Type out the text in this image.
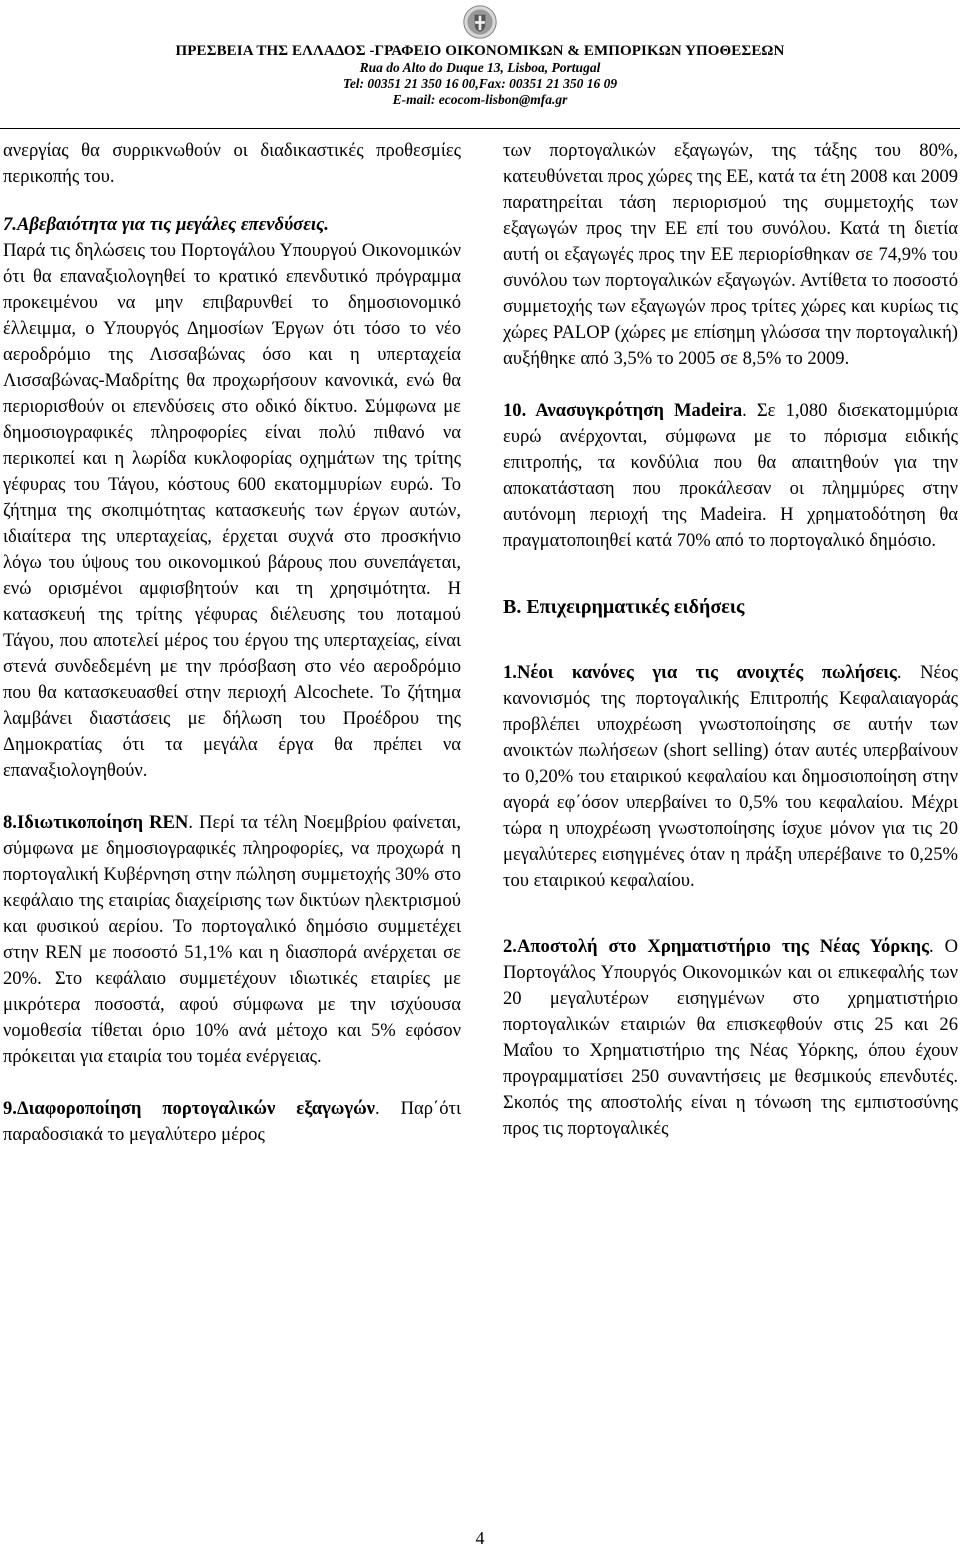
ΠΡΕΣΒΕΙΑ ΤΗΣ ΕΛΛΑΔΟΣ -ΓΡΑΦΕΙΟ ΟΙΚΟΝΟΜΙΚΩΝ & ΕΜΠΟΡΙΚΩΝ ΥΠΟΘΕΣΕΩΝ
Rua do Alto do Duque 13, Lisboa, Portugal
Tel: 00351 21 350 16 00,Fax: 00351 21 350 16 09
E-mail: ecocom-lisbon@mfa.gr

ανεργίας θα συρρικνωθούν οι διαδικαστικές προθεσμίες περικοπής του.

7.Αβεβαιότητα για τις μεγάλες επενδύσεις.

Παρά τις δηλώσεις του Πορτογάλου Υπουργού Οικονομικών ότι θα επαναξιολογηθεί το κρατικό επενδυτικό πρόγραμμα προκειμένου να μην επιβαρυνθεί το δημοσιονομικό έλλειμμα, ο Υπουργός Δημοσίων Έργων ότι τόσο το νέο αεροδρόμιο της Λισσαβώνας όσο και η υπερταχεία Λισσαβώνας-Μαδρίτης θα προχωρήσουν κανονικά, ενώ θα περιορισθούν οι επενδύσεις στο οδικό δίκτυο. Σύμφωνα με δημοσιογραφικές πληροφορίες είναι πολύ πιθανό να περικοπεί και η λωρίδα κυκλοφορίας οχημάτων της τρίτης γέφυρας του Τάγου, κόστους 600 εκατομμυρίων ευρώ. Το ζήτημα της σκοπιμότητας κατασκευής των έργων αυτών, ιδιαίτερα της υπερταχείας, έρχεται συχνά στο προσκήνιο λόγω του ύψους του οικονομικού βάρους που συνεπάγεται, ενώ ορισμένοι αμφισβητούν και τη χρησιμότητα. Η κατασκευή της τρίτης γέφυρας διέλευσης του ποταμού Τάγου, που αποτελεί μέρος του έργου της υπερταχείας, είναι στενά συνδεδεμένη με την πρόσβαση στο νέο αεροδρόμιο που θα κατασκευασθεί στην περιοχή Alcochete. Το ζήτημα λαμβάνει διαστάσεις με δήλωση του Προέδρου της Δημοκρατίας ότι τα μεγάλα έργα θα πρέπει να επαναξιολογηθούν.

8.Ιδιωτικοποίηση REN. Περί τα τέλη Νοεμβρίου φαίνεται, σύμφωνα με δημοσιογραφικές πληροφορίες, να προχωρά η πορτογαλική Κυβέρνηση στην πώληση συμμετοχής 30% στο κεφάλαιο της εταιρίας διαχείρισης των δικτύων ηλεκτρισμού και φυσικού αερίου. Το πορτογαλικό δημόσιο συμμετέχει στην REN με ποσοστό 51,1% και η διασπορά ανέρχεται σε 20%. Στο κεφάλαιο συμμετέχουν ιδιωτικές εταιρίες με μικρότερα ποσοστά, αφού σύμφωνα με την ισχύουσα νομοθεσία τίθεται όριο 10% ανά μέτοχο και 5% εφόσον πρόκειται για εταιρία του τομέα ενέργειας.

9.Διαφοροποίηση πορτογαλικών εξαγωγών. Παρ΄ότι παραδοσιακά το μεγαλύτερο μέρος

των πορτογαλικών εξαγωγών, της τάξης του 80%, κατευθύνεται προς χώρες της ΕΕ, κατά τα έτη 2008 και 2009 παρατηρείται τάση περιορισμού της συμμετοχής των εξαγωγών προς την ΕΕ επί του συνόλου. Κατά τη διετία αυτή οι εξαγωγές προς την ΕΕ περιορίσθηκαν σε 74,9% του συνόλου των πορτογαλικών εξαγωγών. Αντίθετα το ποσοστό συμμετοχής των εξαγωγών προς τρίτες χώρες και κυρίως τις χώρες PALOP (χώρες με επίσημη γλώσσα την πορτογαλική) αυξήθηκε από 3,5% το 2005 σε 8,5% το 2009.

10. Ανασυγκρότηση Madeira. Σε 1,080 δισεκατομμύρια ευρώ ανέρχονται, σύμφωνα με το πόρισμα ειδικής επιτροπής, τα κονδύλια που θα απαιτηθούν για την αποκατάσταση που προκάλεσαν οι πλημμύρες στην αυτόνομη περιοχή της Madeira. Η χρηματοδότηση θα πραγματοποιηθεί κατά 70% από το πορτογαλικό δημόσιο.

Β. Επιχειρηματικές ειδήσεις

1.Νέοι κανόνες για τις ανοιχτές πωλήσεις. Νέος κανονισμός της πορτογαλικής Επιτροπής Κεφαλαιαγοράς προβλέπει υποχρέωση γνωστοποίησης σε αυτήν των ανοικτών πωλήσεων (short selling) όταν αυτές υπερβαίνουν το 0,20% του εταιρικού κεφαλαίου και δημοσιοποίηση στην αγορά εφ΄όσον υπερβαίνει το 0,5% του κεφαλαίου. Μέχρι τώρα η υποχρέωση γνωστοποίησης ίσχυε μόνον για τις 20 μεγαλύτερες εισηγμένες όταν η πράξη υπερέβαινε το 0,25% του εταιρικού κεφαλαίου.

2.Αποστολή στο Χρηματιστήριο της Νέας Υόρκης. Ο Πορτογάλος Υπουργός Οικονομικών και οι επικεφαλής των 20 μεγαλυτέρων εισηγμένων στο χρηματιστήριο πορτογαλικών εταιριών θα επισκεφθούν στις 25 και 26 Μαΐου το Χρηματιστήριο της Νέας Υόρκης, όπου έχουν προγραμματίσει 250 συναντήσεις με θεσμικούς επενδυτές. Σκοπός της αποστολής είναι η τόνωση της εμπιστοσύνης προς τις πορτογαλικές

4
